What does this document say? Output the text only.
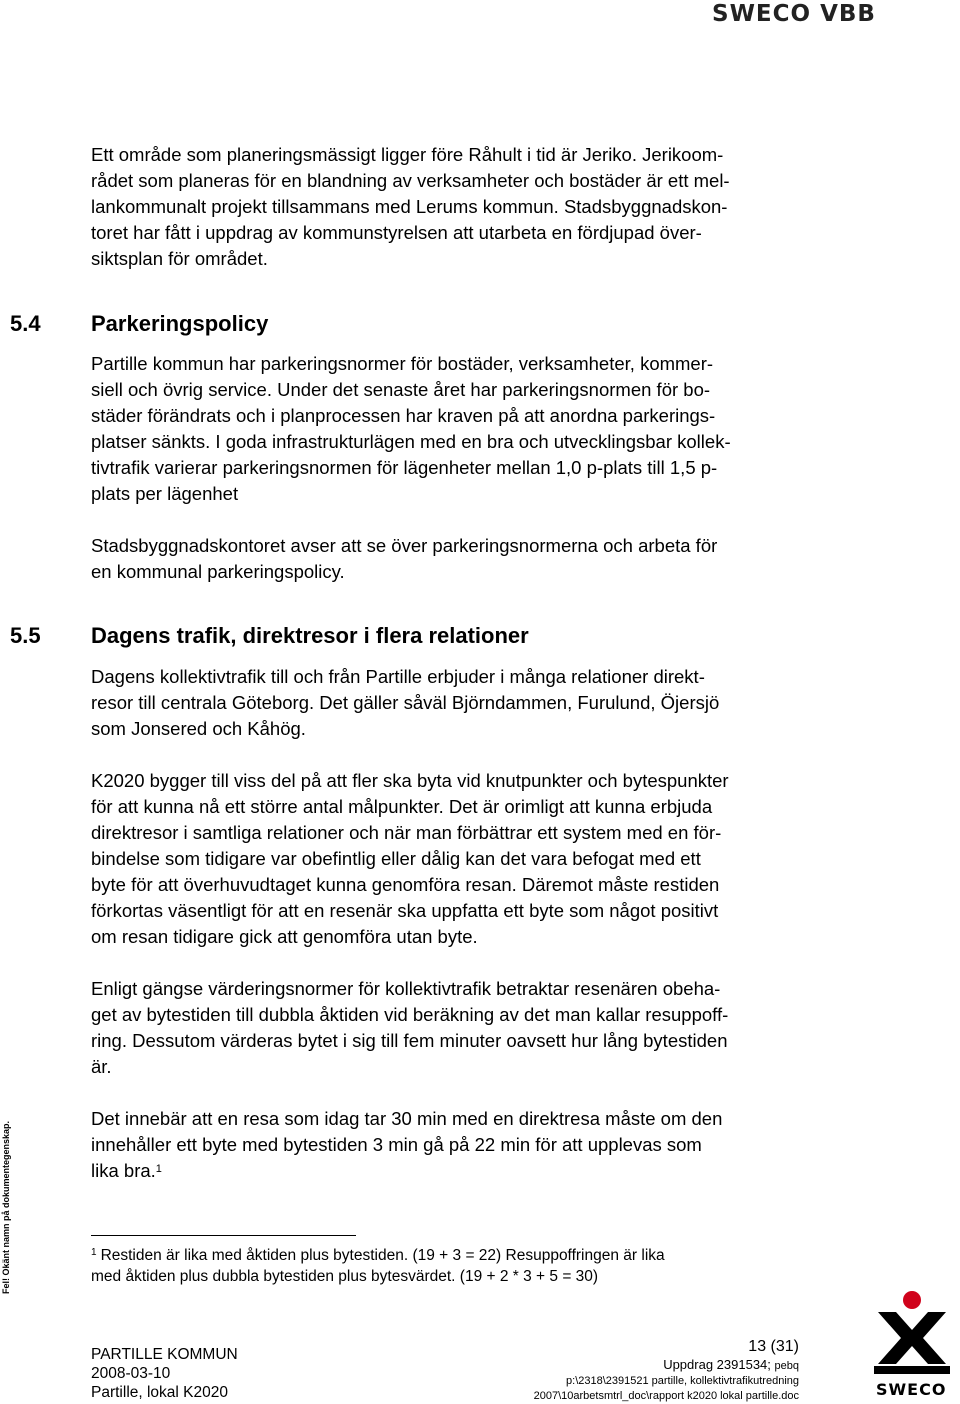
SWECO VBB
Ett område som planeringsmässigt ligger före Råhult i tid är Jeriko. Jerikoom-
rådet som planeras för en blandning av verksamheter och bostäder är ett mel-
lankommunalt projekt tillsammans med Lerums kommun. Stadsbyggnadskon-
toret har fått i uppdrag av kommunstyrelsen att utarbeta en fördjupad över-
siktsplan för området.
5.4 Parkeringspolicy
Partille kommun har parkeringsnormer för bostäder, verksamheter, kommer-
siell och övrig service. Under det senaste året har parkeringsnormen för bo-
städer förändrats och i planprocessen har kraven på att anordna parkerings-
platser sänkts. I goda infrastrukturlägen med en bra och utvecklingsbar kollek-
tivtrafik varierar parkeringsnormen för lägenheter mellan 1,0 p-plats till 1,5 p-
plats per lägenhet
Stadsbyggnadskontoret avser att se över parkeringsnormerna och arbeta för
en kommunal parkeringspolicy.
5.5 Dagens trafik, direktresor i flera relationer
Dagens kollektivtrafik till och från Partille erbjuder i många relationer direkt-
resor till centrala Göteborg. Det gäller såväl Björndammen, Furulund, Öjersjö
som Jonsered och Kåhög.
K2020 bygger till viss del på att fler ska byta vid knutpunkter och bytespunkter
för att kunna nå ett större antal målpunkter. Det är orimligt att kunna erbjuda
direktresor i samtliga relationer och när man förbättrar ett system med en för-
bindelse som tidigare var obefintlig eller dålig kan det vara befogat med ett
byte för att överhuvudtaget kunna genomföra resan. Däremot måste restiden
förkortas väsentligt för att en resenär ska uppfatta ett byte som något positivt
om resan tidigare gick att genomföra utan byte.
Enligt gängse värderingsnormer för kollektivtrafik betraktar resenären obeha-
get av bytestiden till dubbla åktiden vid beräkning av det man kallar resuppoff-
ring. Dessutom värderas bytet i sig till fem minuter oavsett hur lång bytestiden
är.
Det innebär att en resa som idag tar 30 min med en direktresa måste om den
innehåller ett byte med bytestiden 3 min gå på 22 min för att upplevas som
lika bra.$^1$
$^1$ Restiden är lika med åktiden plus bytestiden. (19 + 3 = 22) Resuppoffringen är lika
med åktiden plus dubbla bytestiden plus bytesvärdet. (19 + 2 * 3 + 5 = 30)
Fel! Okänt namn på dokumentegenskap.
PARTILLE KOMMUN
2008-03-10
Partille, lokal K2020
13 (31)
Uppdrag 2391534; pebq
p:\2318\2391521 partille, kollektivtrafikutredning
2007\10arbetsmtrl_doc\rapport k2020 lokal partille.doc	SWECO
